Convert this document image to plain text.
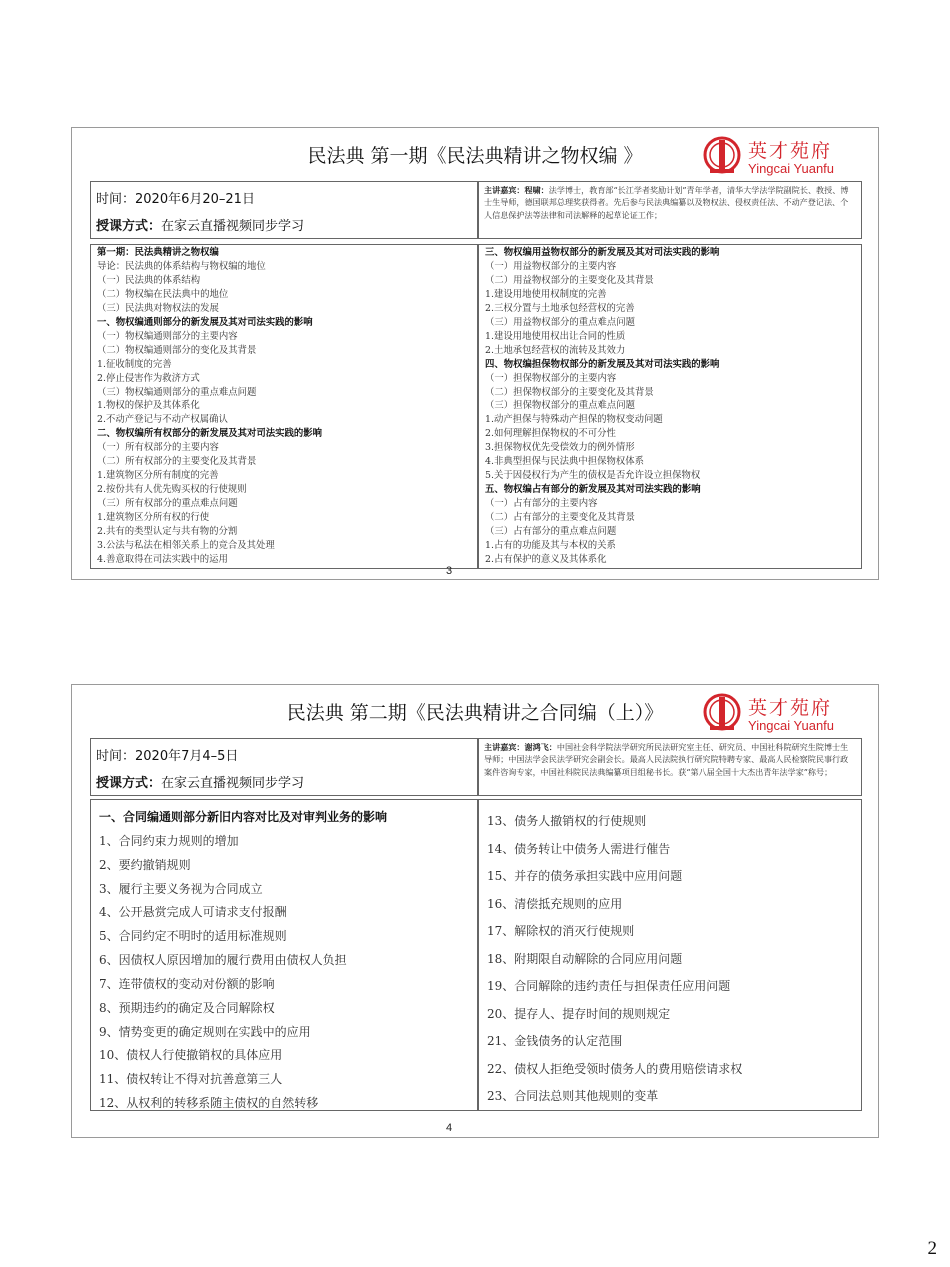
民法典 第一期《民法典精讲之物权编 》	英才苑府
Yingcai Yuanfu
时间：2020年6月20–21日
授课方式：在家云直播视频同步学习
主讲嘉宾：程啸：法学博士，教育部“长江学者奖励计划”青年学者，清华大学法学院副院长、教授、博士生导师，德国联邦总理奖获得者。先后参与民法典编纂以及物权法、侵权责任法、不动产登记法、个人信息保护法等法律和司法解释的起草论证工作；
第一期：民法典精讲之物权编
导论：民法典的体系结构与物权编的地位
（一）民法典的体系结构
（二）物权编在民法典中的地位
（三）民法典对物权法的发展
一、物权编通则部分的新发展及其对司法实践的影响
（一）物权编通则部分的主要内容
（二）物权编通则部分的变化及其背景
1.征收制度的完善
2.停止侵害作为救济方式
（三）物权编通则部分的重点难点问题
1.物权的保护及其体系化
2.不动产登记与不动产权属确认
二、物权编所有权部分的新发展及其对司法实践的影响
（一）所有权部分的主要内容
（二）所有权部分的主要变化及其背景
1.建筑物区分所有制度的完善
2.按份共有人优先购买权的行使规则
（三）所有权部分的重点难点问题
1.建筑物区分所有权的行使
2.共有的类型认定与共有物的分割
3.公法与私法在相邻关系上的竞合及其处理
4.善意取得在司法实践中的运用
三、物权编用益物权部分的新发展及其对司法实践的影响
（一）用益物权部分的主要内容
（二）用益物权部分的主要变化及其背景
1.建设用地使用权制度的完善
2.三权分置与土地承包经营权的完善
（三）用益物权部分的重点难点问题
1.建设用地使用权出让合同的性质
2.土地承包经营权的流转及其效力
四、物权编担保物权部分的新发展及其对司法实践的影响
（一）担保物权部分的主要内容
（二）担保物权部分的主要变化及其背景
（三）担保物权部分的重点难点问题
1.动产担保与特殊动产担保的物权变动问题
2.如何理解担保物权的不可分性
3.担保物权优先受偿效力的例外情形
4.非典型担保与民法典中担保物权体系
5.关于因侵权行为产生的债权是否允许设立担保物权
五、物权编占有部分的新发展及其对司法实践的影响
（一）占有部分的主要内容
（二）占有部分的主要变化及其背景
（三）占有部分的重点难点问题
1.占有的功能及其与本权的关系
2.占有保护的意义及其体系化
3
民法典 第二期《民法典精讲之合同编（上）》	英才苑府
Yingcai Yuanfu
时间：2020年7月4–5日
授课方式：在家云直播视频同步学习
主讲嘉宾：谢鸿飞：中国社会科学院法学研究所民法研究室主任、研究员、中国社科院研究生院博士生导师；中国法学会民法学研究会副会长。最高人民法院执行研究院特聘专家、最高人民检察院民事行政案件咨询专家，中国社科院民法典编纂项目组秘书长。获“第八届全国十大杰出青年法学家”称号；
一、合同编通则部分新旧内容对比及对审判业务的影响
1、合同约束力规则的增加
2、要约撤销规则
3、履行主要义务视为合同成立
4、公开悬赏完成人可请求支付报酬
5、合同约定不明时的适用标准规则
6、因债权人原因增加的履行费用由债权人负担
7、连带债权的变动对份额的影响
8、预期违约的确定及合同解除权
9、情势变更的确定规则在实践中的应用
10、债权人行使撤销权的具体应用
11、债权转让不得对抗善意第三人
12、从权利的转移系随主债权的自然转移
13、债务人撤销权的行使规则
14、债务转让中债务人需进行催告
15、并存的债务承担实践中应用问题
16、清偿抵充规则的应用
17、解除权的消灭行使规则
18、附期限自动解除的合同应用问题
19、合同解除的违约责任与担保责任应用问题
20、提存人、提存时间的规则规定
21、金钱债务的认定范围
22、债权人拒绝受领时债务人的费用赔偿请求权
23、合同法总则其他规则的变革
4
2
